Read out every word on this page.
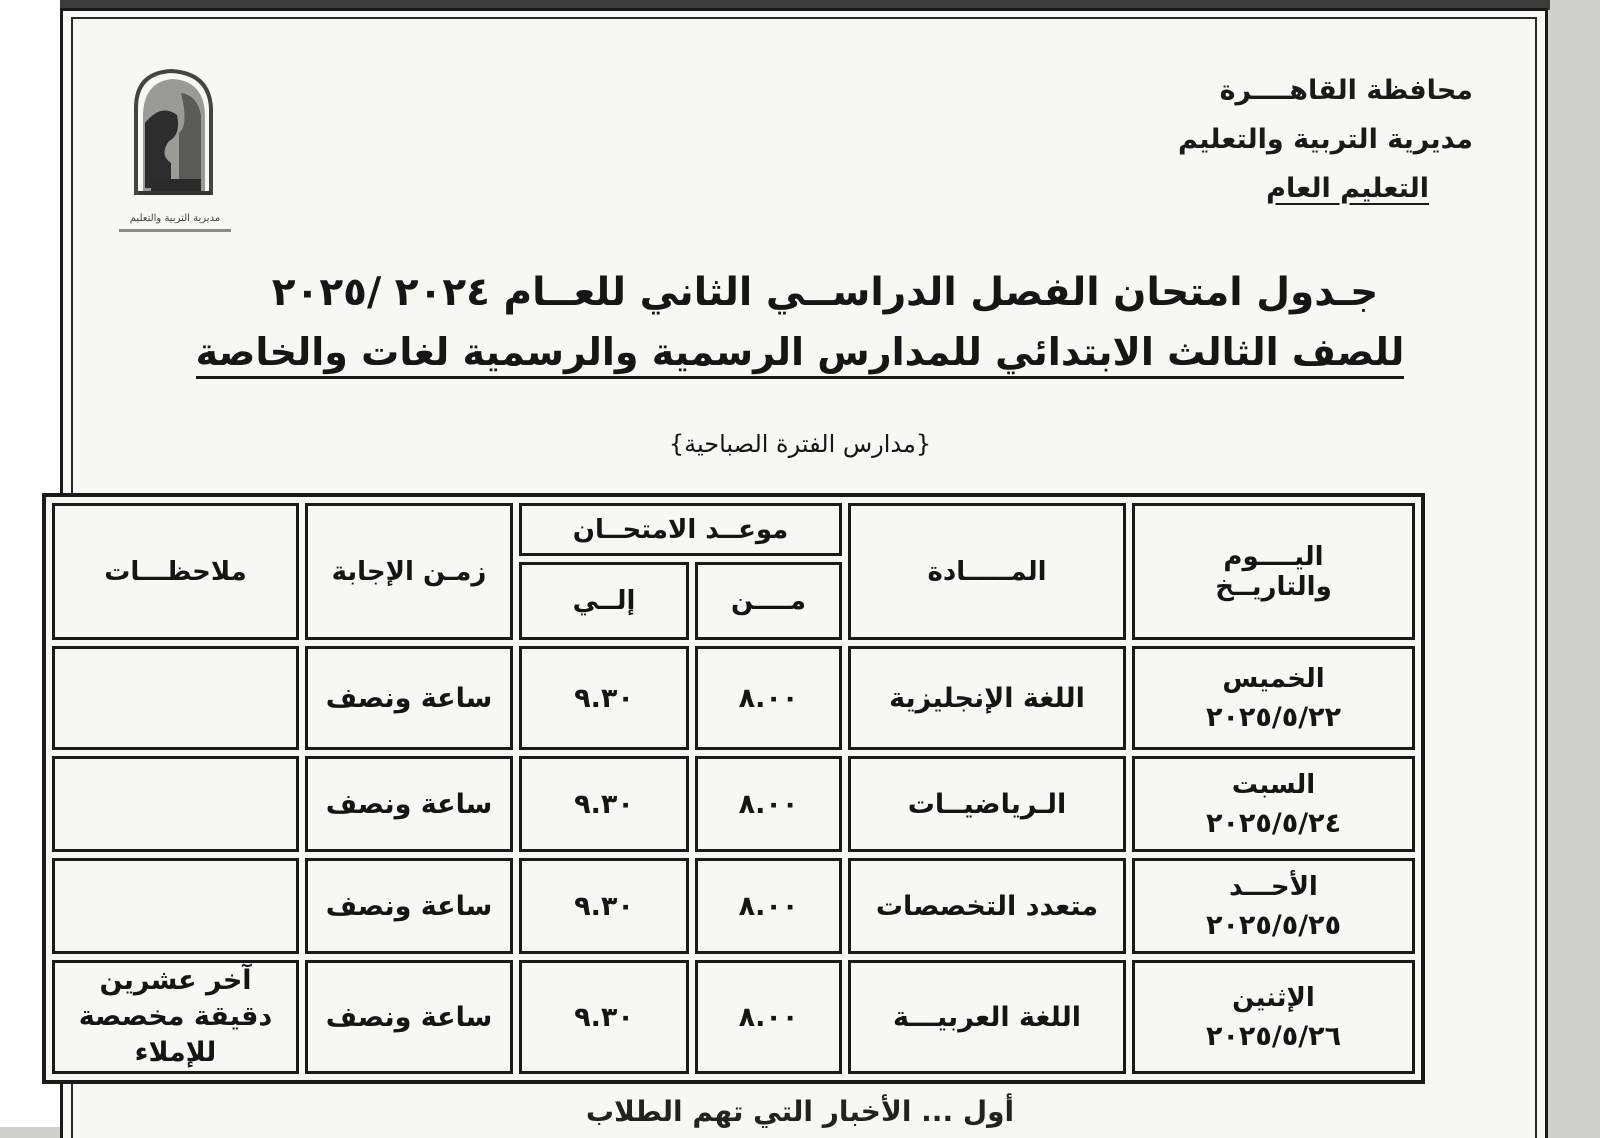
محافظة القاهــــرة
مديرية التربية والتعليم
التعليم العام
مديرية التربية والتعليم
جـدول امتحان الفصل الدراســي الثاني للعــام ٢٠٢٤ /٢٠٢٥
للصف الثالث الابتدائي للمدارس الرسمية والرسمية لغات والخاصة
{مدارس الفترة الصباحية}
اليــــوم والتاريــخ	المـــــادة	موعــد الامتحــان		زمـن الإجابة	ملاحظـــات
		مــــن	إلــي		

الخميس
٢٠٢٥/٥/٢٢	اللغة الإنجليزية	٨.٠٠	٩.٣٠	ساعة ونصف	

السبت
٢٠٢٥/٥/٢٤	الـرياضيــات	٨.٠٠	٩.٣٠	ساعة ونصف	

الأحـــد
٢٠٢٥/٥/٢٥	متعدد التخصصات	٨.٠٠	٩.٣٠	ساعة ونصف	

الإثنين
٢٠٢٥/٥/٢٦	اللغة العربيـــة	٨.٠٠	٩.٣٠	ساعة ونصف	آخر عشرين دقيقة مخصصة للإملاء
أول ... الأخبار التي تهم الطلاب
